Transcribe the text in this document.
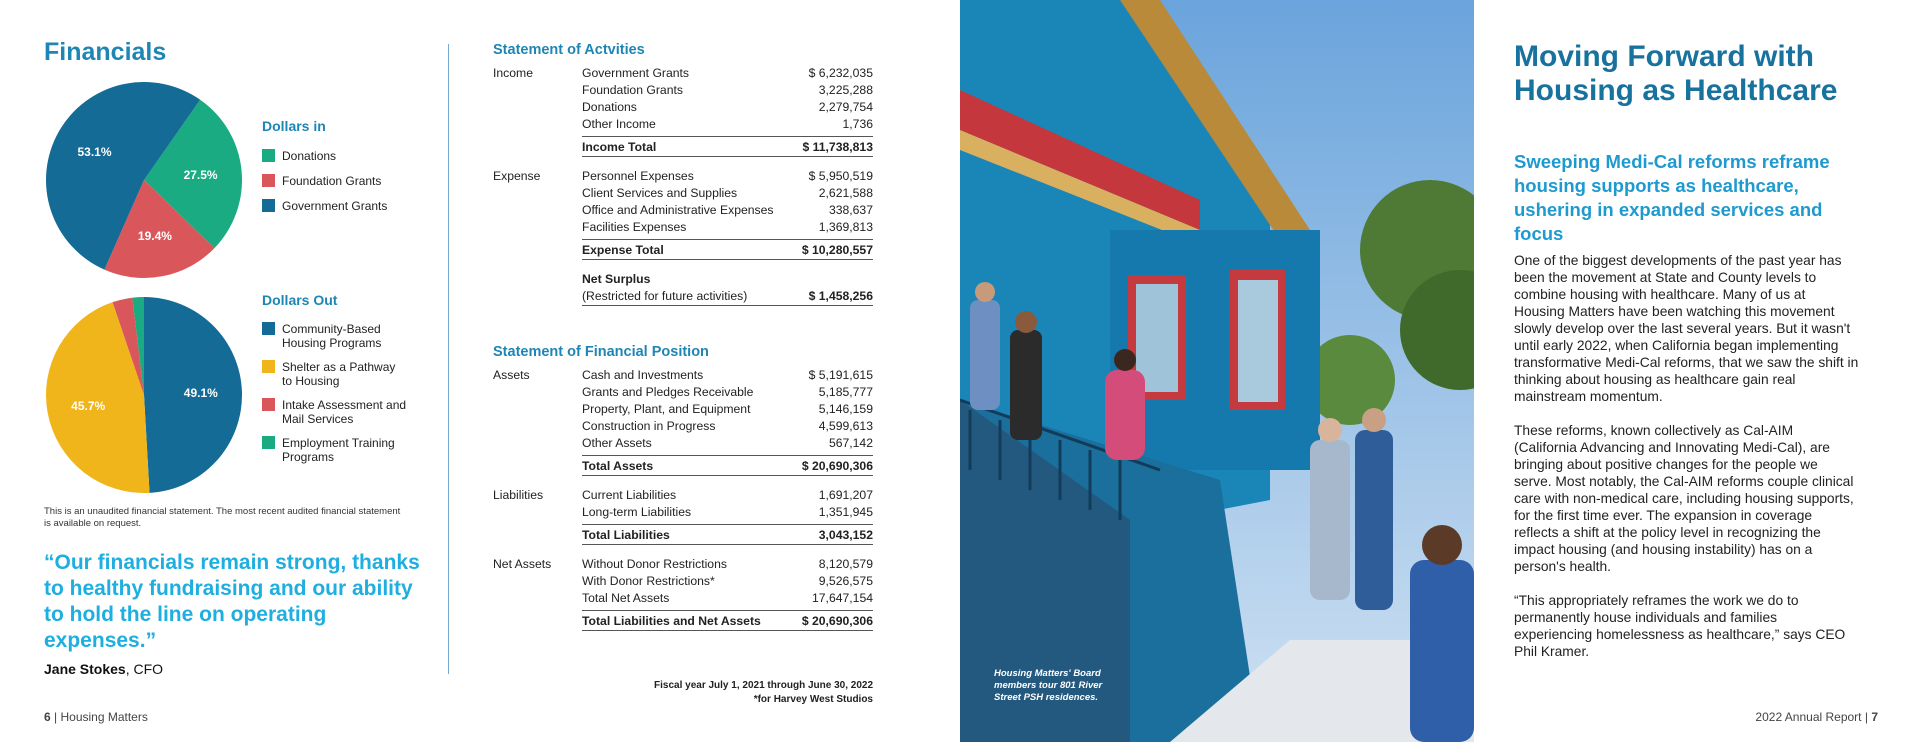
Financials
27.5%
19.4%
53.1%
Dollars in
Donations
Foundation Grants
Government Grants
49.1%
45.7%
Dollars Out
Community-Based Housing Programs
Shelter as a Pathway to Housing
Intake Assessment and Mail Services
Employment Training Programs
This is an unaudited financial statement. The most recent audited financial statement is available on request.
“Our financials remain strong, thanks to healthy fundraising and our ability to hold the line on operating expenses.”
Jane Stokes, CFO
6 | Housing Matters
Statement of Actvities
Income	Government Grants	$ 6,232,035
Foundation Grants	3,225,288
Donations	2,279,754
Other Income	1,736
Income Total	$ 11,738,813
Expense	Personnel Expenses	$ 5,950,519
Client Services and Supplies	2,621,588
Office and Administrative Expenses	338,637
Facilities Expenses	1,369,813
Expense Total	$ 10,280,557
Net Surplus
(Restricted for future activities)	$ 1,458,256
Statement of Financial Position
Assets	Cash and Investments	$ 5,191,615
Grants and Pledges Receivable	5,185,777
Property, Plant, and Equipment	5,146,159
Construction in Progress	4,599,613
Other Assets	567,142
Total Assets	$ 20,690,306
Liabilities	Current Liabilities	1,691,207
Long-term Liabilities	1,351,945
Total Liabilities	3,043,152
Net Assets	Without Donor Restrictions	8,120,579
With Donor Restrictions*	9,526,575
Total Net Assets	17,647,154
Total Liabilities and Net Assets	$ 20,690,306
Fiscal year July 1, 2021 through June 30, 2022
*for Harvey West Studios
Housing Matters' Board members tour 801 River Street PSH residences.
Moving Forward with Housing as Healthcare
Sweeping Medi-Cal reforms reframe housing supports as healthcare, ushering in expanded services and focus

One of the biggest developments of the past year has been the movement at State and County levels to combine housing with healthcare. Many of us at Housing Matters have been watching this movement slowly develop over the last several years. But it wasn't until early 2022, when California began implementing transformative Medi-Cal reforms, that we saw the shift in thinking about housing as healthcare gain real mainstream momentum.

These reforms, known collectively as Cal-AIM (California Advancing and Innovating Medi-Cal), are bringing about positive changes for the people we serve. Most notably, the Cal-AIM reforms couple clinical care with non-medical care, including housing supports, for the first time ever. The expansion in coverage reflects a shift at the policy level in recognizing the impact housing (and housing instability) has on a person's health.

“This appropriately reframes the work we do to permanently house individuals and families experiencing homelessness as healthcare,” says CEO Phil Kramer.

2022 Annual Report | 7
